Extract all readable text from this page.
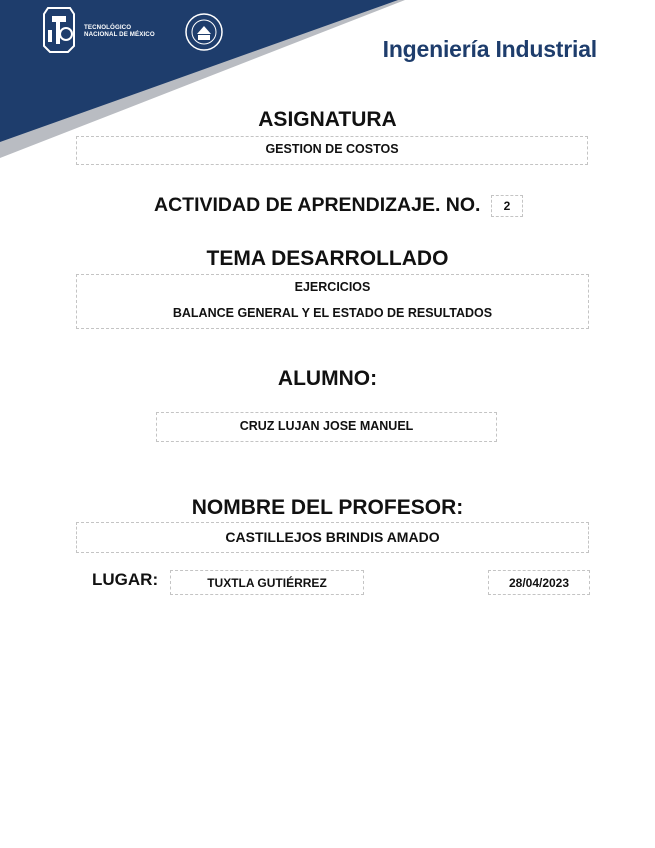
TECNOLÓGICO
NACIONAL DE MÉXICO
Ingeniería Industrial
ASIGNATURA
GESTION DE COSTOS
ACTIVIDAD DE APRENDIZAJE. NO. 2
TEMA DESARROLLADO
EJERCICIOS
BALANCE GENERAL Y EL ESTADO DE RESULTADOS
ALUMNO:
CRUZ LUJAN JOSE MANUEL
NOMBRE DEL PROFESOR:
CASTILLEJOS BRINDIS AMADO
LUGAR:	TUXTLA GUTIÉRREZ	28/04/2023
